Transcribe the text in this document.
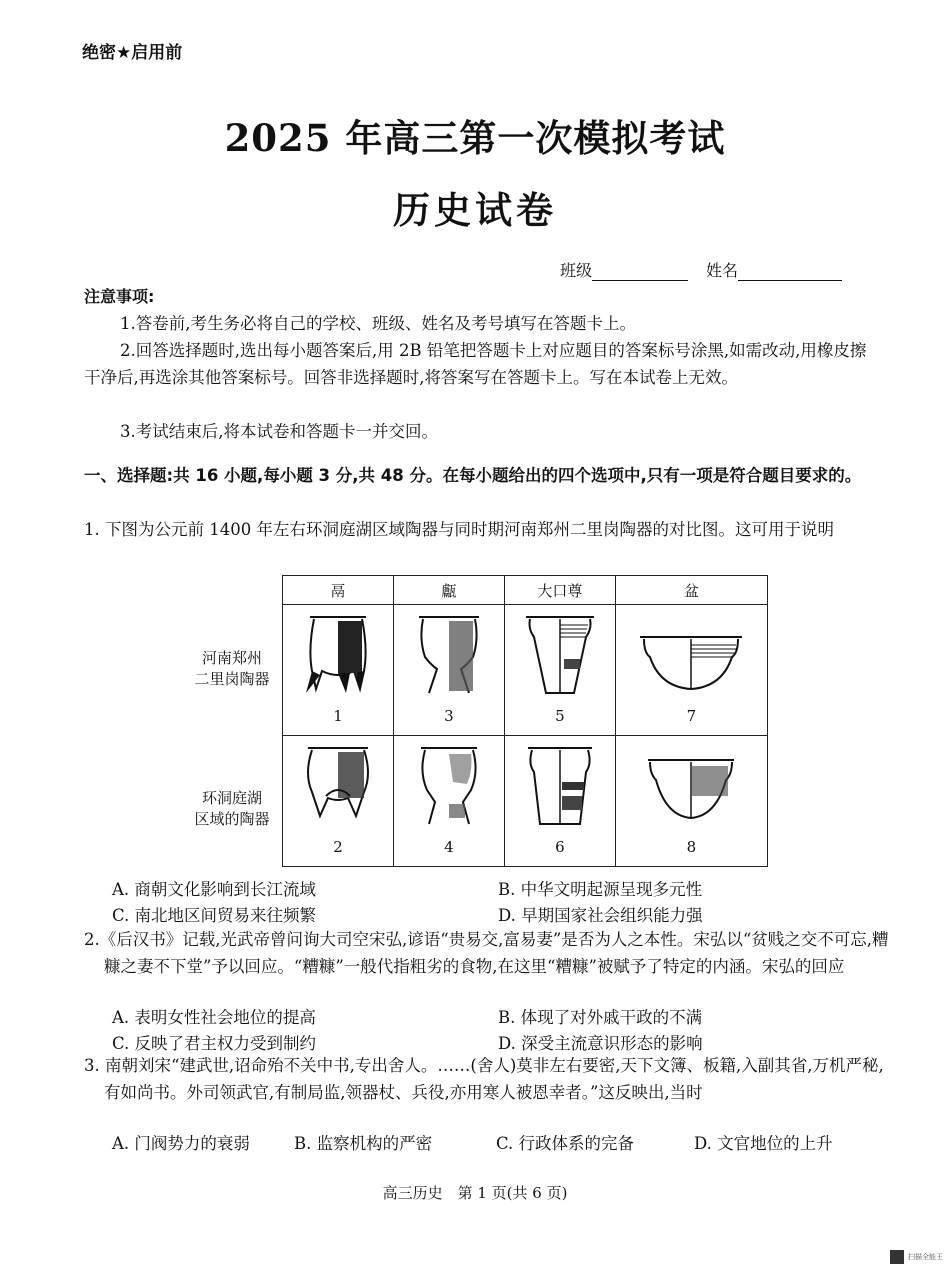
绝密★启用前
2025 年高三第一次模拟考试
历史试卷
班级	姓名
注意事项:
1.答卷前,考生务必将自己的学校、班级、姓名及考号填写在答题卡上。
2.回答选择题时,选出每小题答案后,用 2B 铅笔把答题卡上对应题目的答案标号涂黑,如需改动,用橡皮擦干净后,再选涂其他答案标号。回答非选择题时,将答案写在答题卡上。写在本试卷上无效。
3.考试结束后,将本试卷和答题卡一并交回。
一、选择题:共 16 小题,每小题 3 分,共 48 分。在每小题给出的四个选项中,只有一项是符合题目要求的。
1. 下图为公元前 1400 年左右环洞庭湖区域陶器与同时期河南郑州二里岗陶器的对比图。这可用于说明
河南郑州
二里岗陶器
环洞庭湖
区域的陶器
鬲	甗	大口尊	盆

1	3	5	7

2	4	6	8
A. 商朝文化影响到长江流域	B. 中华文明起源呈现多元性
C. 南北地区间贸易来往频繁	D. 早期国家社会组织能力强
2.《后汉书》记载,光武帝曾问询大司空宋弘,谚语“贵易交,富易妻”是否为人之本性。宋弘以“贫贱之交不可忘,糟糠之妻不下堂”予以回应。“糟糠”一般代指粗劣的食物,在这里“糟糠”被赋予了特定的内涵。宋弘的回应
A. 表明女性社会地位的提高	B. 体现了对外戚干政的不满
C. 反映了君主权力受到制约	D. 深受主流意识形态的影响
3. 南朝刘宋“建武世,诏命殆不关中书,专出舍人。……(舍人)莫非左右要密,天下文簿、板籍,入副其省,万机严秘,有如尚书。外司领武官,有制局监,领器杖、兵役,亦用寒人被恩幸者。”这反映出,当时
A. 门阀势力的衰弱	B. 监察机构的严密	C. 行政体系的完备	D. 文官地位的上升
高三历史　第 1 页(共 6 页)
扫描全能王
